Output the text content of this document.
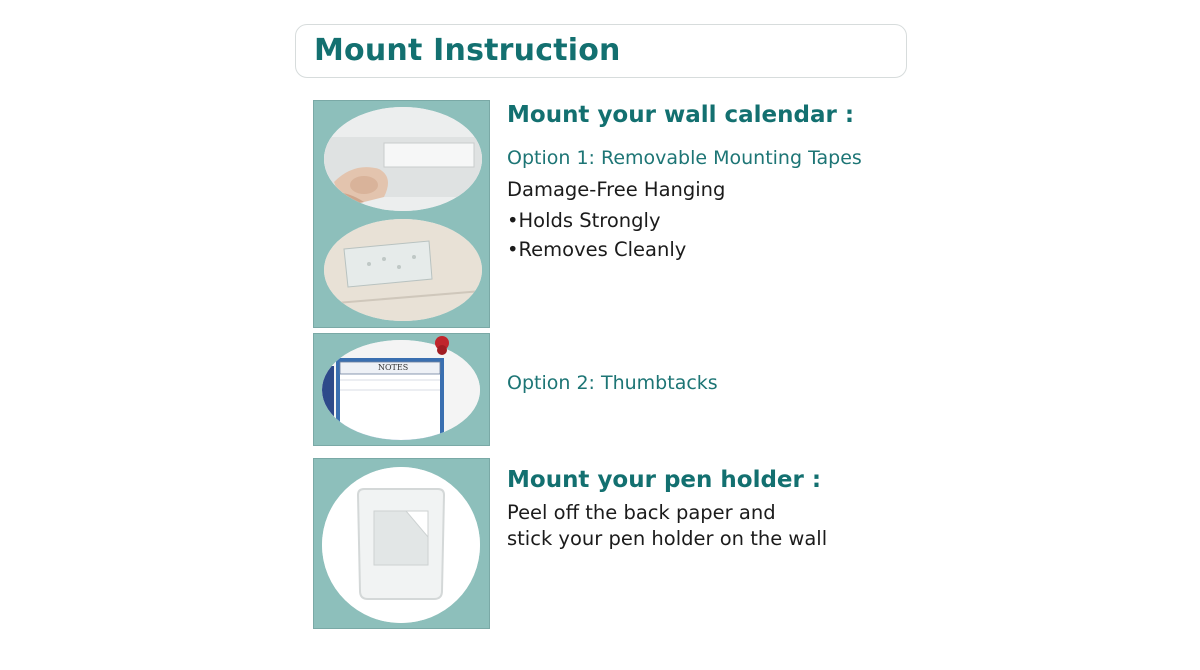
Mount Instruction
NOTES
Mount your wall calendar :
Option 1: Removable Mounting Tapes
Damage-Free Hanging
•Holds Strongly
•Removes Cleanly
Option 2: Thumbtacks
Mount your pen holder :
Peel off the back paper and
stick your pen holder on the wall
